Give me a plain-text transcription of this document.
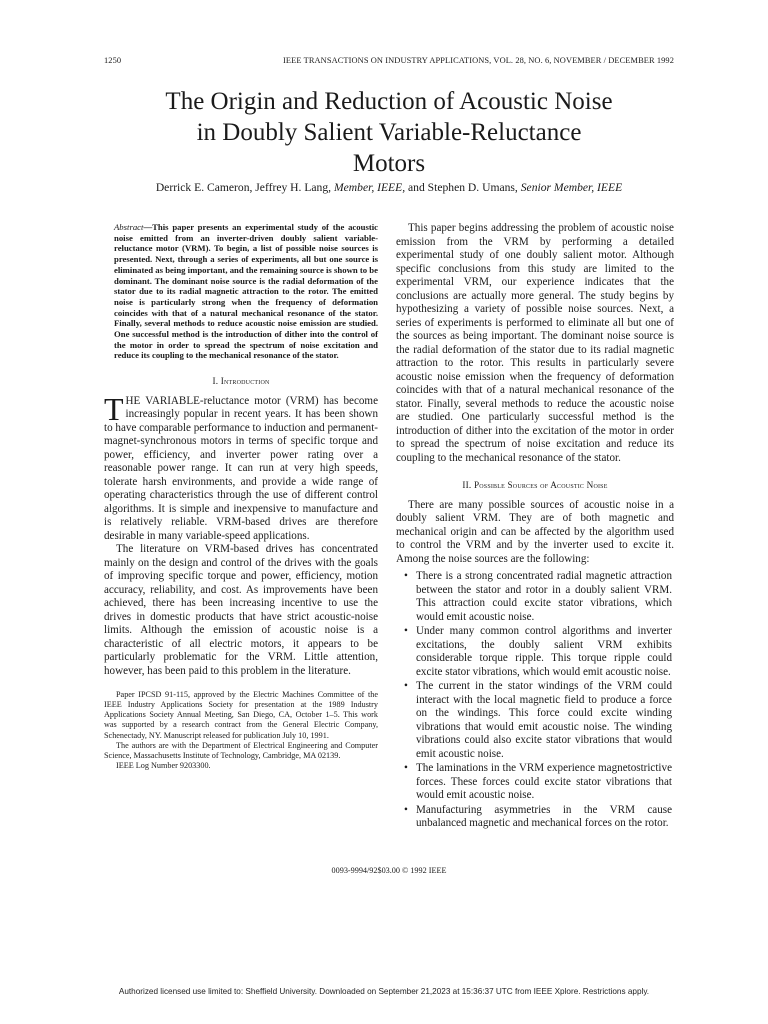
1250	IEEE TRANSACTIONS ON INDUSTRY APPLICATIONS, VOL. 28, NO. 6, NOVEMBER / DECEMBER 1992
The Origin and Reduction of Acoustic Noise
in Doubly Salient Variable-Reluctance
Motors
Derrick E. Cameron, Jeffrey H. Lang, Member, IEEE, and Stephen D. Umans, Senior Member, IEEE

Abstract—This paper presents an experimental study of the acoustic noise emitted from an inverter-driven doubly salient variable-reluctance motor (VRM). To begin, a list of possible noise sources is presented. Next, through a series of experiments, all but one source is eliminated as being important, and the remaining source is shown to be dominant. The dominant noise source is the radial deformation of the stator due to its radial magnetic attraction to the rotor. The emitted noise is particularly strong when the frequency of deformation coincides with that of a natural mechanical resonance of the stator. Finally, several methods to reduce acoustic noise emission are studied. One successful method is the introduction of dither into the control of the motor in order to spread the spectrum of noise excitation and reduce its coupling to the mechanical resonance of the stator.

I. Introduction

THE VARIABLE-reluctance motor (VRM) has become increasingly popular in recent years. It has been shown to have comparable performance to induction and permanent-magnet-synchronous motors in terms of specific torque and power, efficiency, and inverter power rating over a reasonable power range. It can run at very high speeds, tolerate harsh environments, and provide a wide range of operating characteristics through the use of different control algorithms. It is simple and inexpensive to manufacture and is relatively reliable. VRM-based drives are therefore desirable in many variable-speed applications.

The literature on VRM-based drives has concentrated mainly on the design and control of the drives with the goals of improving specific torque and power, efficiency, motion accuracy, reliability, and cost. As improvements have been achieved, there has been increasing incentive to use the drives in domestic products that have strict acoustic-noise limits. Although the emission of acoustic noise is a characteristic of all electric motors, it appears to be particularly problematic for the VRM. Little attention, however, has been paid to this problem in the literature.

Paper IPCSD 91-115, approved by the Electric Machines Committee of the IEEE Industry Applications Society for presentation at the 1989 Industry Applications Society Annual Meeting, San Diego, CA, October 1–5. This work was supported by a research contract from the General Electric Company, Schenectady, NY. Manuscript released for publication July 10, 1991.

The authors are with the Department of Electrical Engineering and Computer Science, Massachusetts Institute of Technology, Cambridge, MA 02139.

IEEE Log Number 9203300.

This paper begins addressing the problem of acoustic noise emission from the VRM by performing a detailed experimental study of one doubly salient motor. Although specific conclusions from this study are limited to the experimental VRM, our experience indicates that the conclusions are actually more general. The study begins by hypothesizing a variety of possible noise sources. Next, a series of experiments is performed to eliminate all but one of the sources as being important. The dominant noise source is the radial deformation of the stator due to its radial magnetic attraction to the rotor. This results in particularly severe acoustic noise emission when the frequency of deformation coincides with that of a natural mechanical resonance of the stator. Finally, several methods to reduce the acoustic noise are studied. One particularly successful method is the introduction of dither into the excitation of the motor in order to spread the spectrum of noise excitation and reduce its coupling to the mechanical resonance of the stator.

II. Possible Sources of Acoustic Noise

There are many possible sources of acoustic noise in a doubly salient VRM. They are of both magnetic and mechanical origin and can be affected by the algorithm used to control the VRM and by the inverter used to excite it. Among the noise sources are the following:

• There is a strong concentrated radial magnetic attraction between the stator and rotor in a doubly salient VRM. This attraction could excite stator vibrations, which would emit acoustic noise.
• Under many common control algorithms and inverter excitations, the doubly salient VRM exhibits considerable torque ripple. This torque ripple could excite stator vibrations, which would emit acoustic noise.
• The current in the stator windings of the VRM could interact with the local magnetic field to produce a force on the windings. This force could excite winding vibrations that would emit acoustic noise. The winding vibrations could also excite stator vibrations that would emit acoustic noise.
• The laminations in the VRM experience magnetostrictive forces. These forces could excite stator vibrations that would emit acoustic noise.
• Manufacturing asymmetries in the VRM cause unbalanced magnetic and mechanical forces on the rotor.
0093-9994/92$03.00 © 1992 IEEE
Authorized licensed use limited to: Sheffield University. Downloaded on September 21,2023 at 15:36:37 UTC from IEEE Xplore. Restrictions apply.
